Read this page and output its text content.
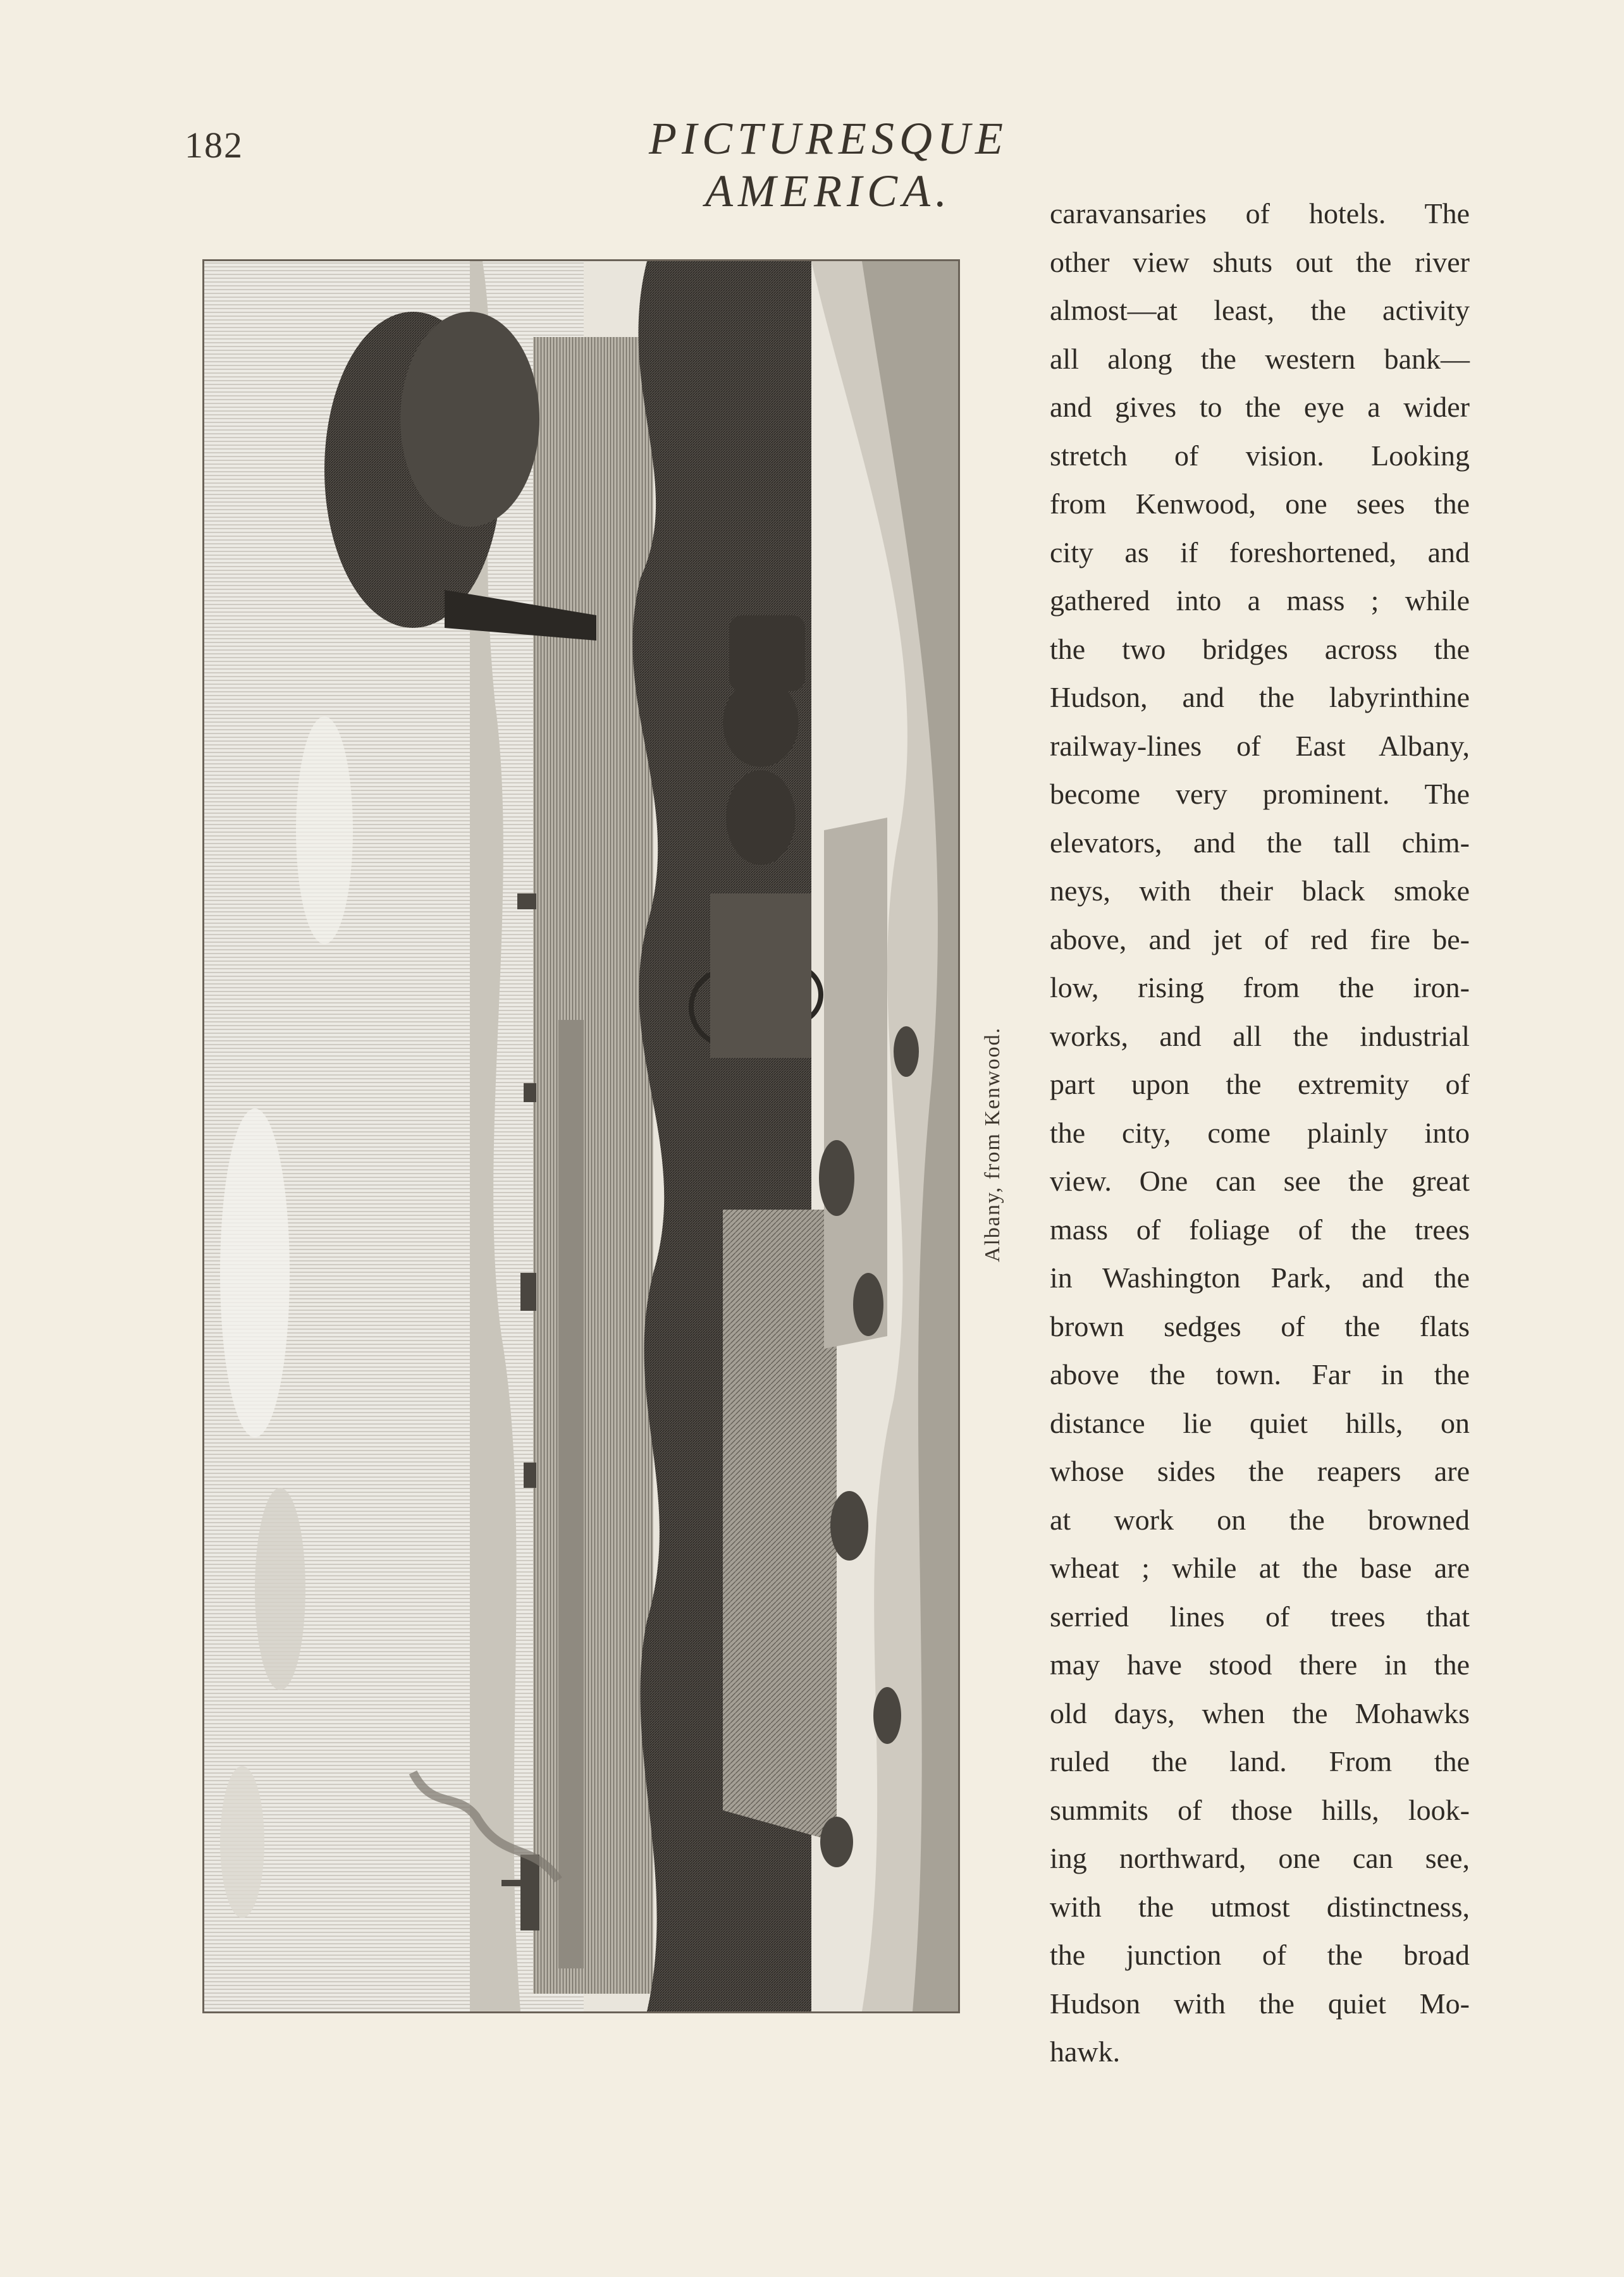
182	PICTURESQUE AMERICA.
Albany, from Kenwood.
caravansaries of hotels. The
other view shuts out the river
almost—at least, the activity
all along the western bank—
and gives to the eye a wider
stretch of vision. Looking
from Kenwood, one sees the
city as if foreshortened, and
gathered into a mass ; while
the two bridges across the
Hudson, and the labyrinthine
railway-lines of East Albany,
become very prominent. The
elevators, and the tall chim-
neys, with their black smoke
above, and jet of red fire be-
low, rising from the iron-
works, and all the industrial
part upon the extremity of
the city, come plainly into
view. One can see the great
mass of foliage of the trees
in Washington Park, and the
brown sedges of the flats
above the town. Far in the
distance lie quiet hills, on
whose sides the reapers are
at work on the browned
wheat ; while at the base are
serried lines of trees that
may have stood there in the
old days, when the Mohawks
ruled the land. From the
summits of those hills, look-
ing northward, one can see,
with the utmost distinctness,
the junction of the broad
Hudson with the quiet Mo-
hawk.
